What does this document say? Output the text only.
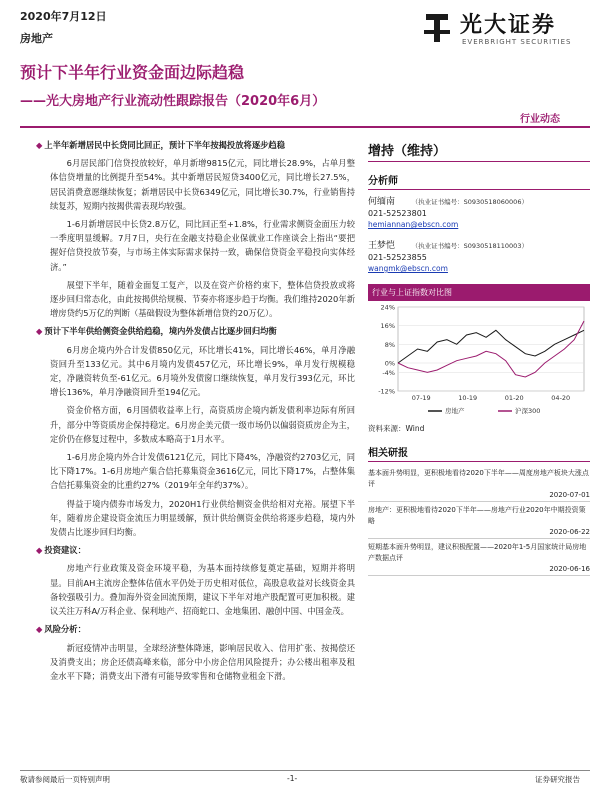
2020年7月12日
房地产
光大证券
EVERBRIGHT SECURITIES
预计下半年行业资金面边际趋稳
——光大房地产行业流动性跟踪报告（2020年6月）
行业动态
◆ 上半年新增居民中长贷同比回正，预计下半年按揭投放将逐步趋稳

6月居民部门信贷投放较好，单月新增9815亿元，同比增长28.9%，占单月整体信贷增量的比例提升至54%。其中新增居民短贷3400亿元，同比增长27.5%，居民消费意愿继续恢复；新增居民中长贷6349亿元，同比增长30.7%，行业销售持续复苏，短期内按揭供需表现均较强。

1-6月新增居民中长贷2.8万亿，同比回正至+1.8%，行业需求侧资金面压力较一季度明显缓解。7月7日，央行在金融支持稳企业保就业工作座谈会上指出“要把握好信贷投放节奏，与市场主体实际需求保持一致，确保信贷资金平稳投向实体经济。”

展望下半年，随着金面复工复产，以及在资产价格约束下，整体信贷投放或将逐步回归常态化，由此按揭供给规模、节奏亦将逐步趋于均衡。我们维持2020年新增房贷约5万亿的判断（基础假设为整体新增信贷约20万亿）。

◆ 预计下半年供给侧资金供给趋稳，境内外发债占比逐步回归均衡

6月房企境内外合计发债850亿元，环比增长41%，同比增长46%，单月净融资回升至133亿元。其中6月境内发债457亿元，环比增长9%，单月发行规模稳定，净融资转负至-61亿元。6月境外发债窗口继续恢复，单月发行393亿元，环比增长136%，单月净融资回升至194亿元。

资金价格方面，6月国债收益率上行，高资质房企境内新发债利率边际有所回升，部分中等资质房企保持稳定。6月房企美元债一级市场仍以偏弱资质房企为主，定价仍在修复过程中，多数成本略高于1月水平。

1-6月房企境内外合计发债6121亿元，同比下降4%，净融资约2703亿元，同比下降17%。1-6月房地产集合信托募集资金3616亿元，同比下降17%，占整体集合信托募集资金的比重约27%（2019年全年约37%）。

得益于境内债券市场发力，2020H1行业供给侧资金供给相对充裕。展望下半年，随着房企建设资金流压力明显缓解，预计供给侧资金供给将逐步趋稳，境内外发债占比逐步回归均衡。

◆ 投资建议：

房地产行业政策及资金环境平稳，为基本面持续修复奠定基础，短期并将明显。目前AH主流房企整体估值水平仍处于历史相对低位，高股息收益对长线资金具备较强吸引力。叠加海外资金回流预期，建议下半年对地产股配置可更加积极。建议关注万科A/万科企业、保利地产、招商蛇口、金地集团、融创中国、中国金茂。

◆ 风险分析：

新冠疫情冲击明显，全球经济整体降速，影响居民收入、信用扩张、按揭偿还及消费支出；房企还债高峰来临，部分中小房企信用风险提升；办公楼出租率及租金水平下降；消费支出下滑有可能导致零售和仓储物业租金下滑。

增持（维持）
分析师
何缅南	（执业证书编号：S0930518060006）
021-52523801
hemiannan@ebscn.com
王梦恺	（执业证书编号：S0930518110003）
021-52523855
wangmk@ebscn.com
行业与上证指数对比图
24%
16%
8%
0%
-4%
-12%
07-19	10-19	01-20	04-20
房地产	沪深300
资料来源：Wind
相关研报
基本面升势明显，更积极地看待2020下半年——周度房地产板块大涨点评
2020-07-01
房地产：更积极地看待2020下半年——房地产行业2020年中期投资策略
2020-06-22
短期基本面升势明显，建议积极配置——2020年1-5月国家统计局房地产数据点评
2020-06-16
敬请参阅最后一页特别声明	-1-	证券研究报告
